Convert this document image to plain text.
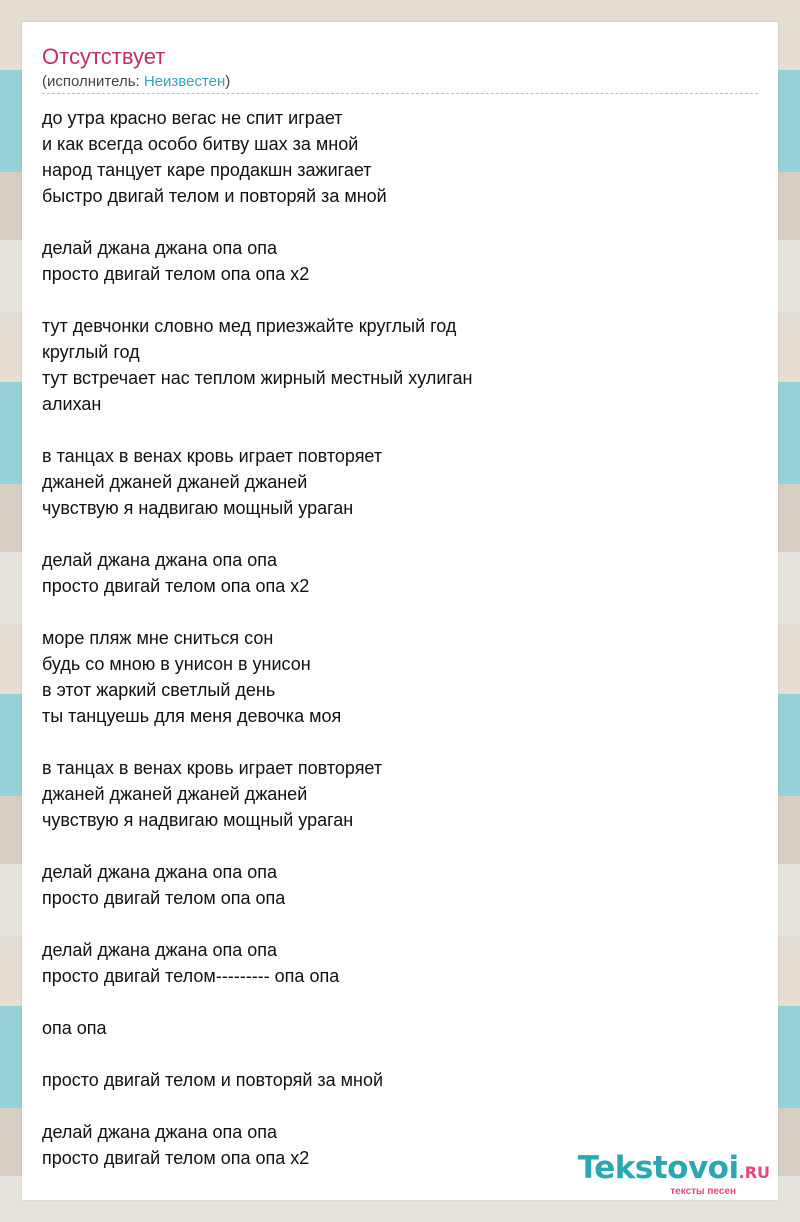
Отсутствует
(исполнитель: Неизвестен)
до утра красно вегас не спит играет
и как всегда особо битву шах за мной
народ танцует каре продакшн зажигает
быстро двигай телом и повторяй за мной
делай джана джана опа опа
просто двигай телом опа опа х2
тут девчонки словно мед приезжайте круглый год
круглый год
тут встречает нас теплом жирный местный хулиган
алихан
в танцах в венах кровь играет повторяет
джаней джаней джаней джаней
чувствую я надвигаю мощный ураган
делай джана джана опа опа
просто двигай телом опа опа х2
море пляж мне сниться сон
будь со мною в унисон в унисон
в этот жаркий светлый день
ты танцуешь для меня девочка моя
в танцах в венах кровь играет повторяет
джаней джаней джаней джаней
чувствую я надвигаю мощный ураган
делай джана джана опа опа
просто двигай телом опа опа
делай джана джана опа опа
просто двигай телом--------- опа опа
опа опа
просто двигай телом и повторяй за мной
делай джана джана опа опа
просто двигай телом опа опа х2	Tekstovoi.RU
тексты песен
